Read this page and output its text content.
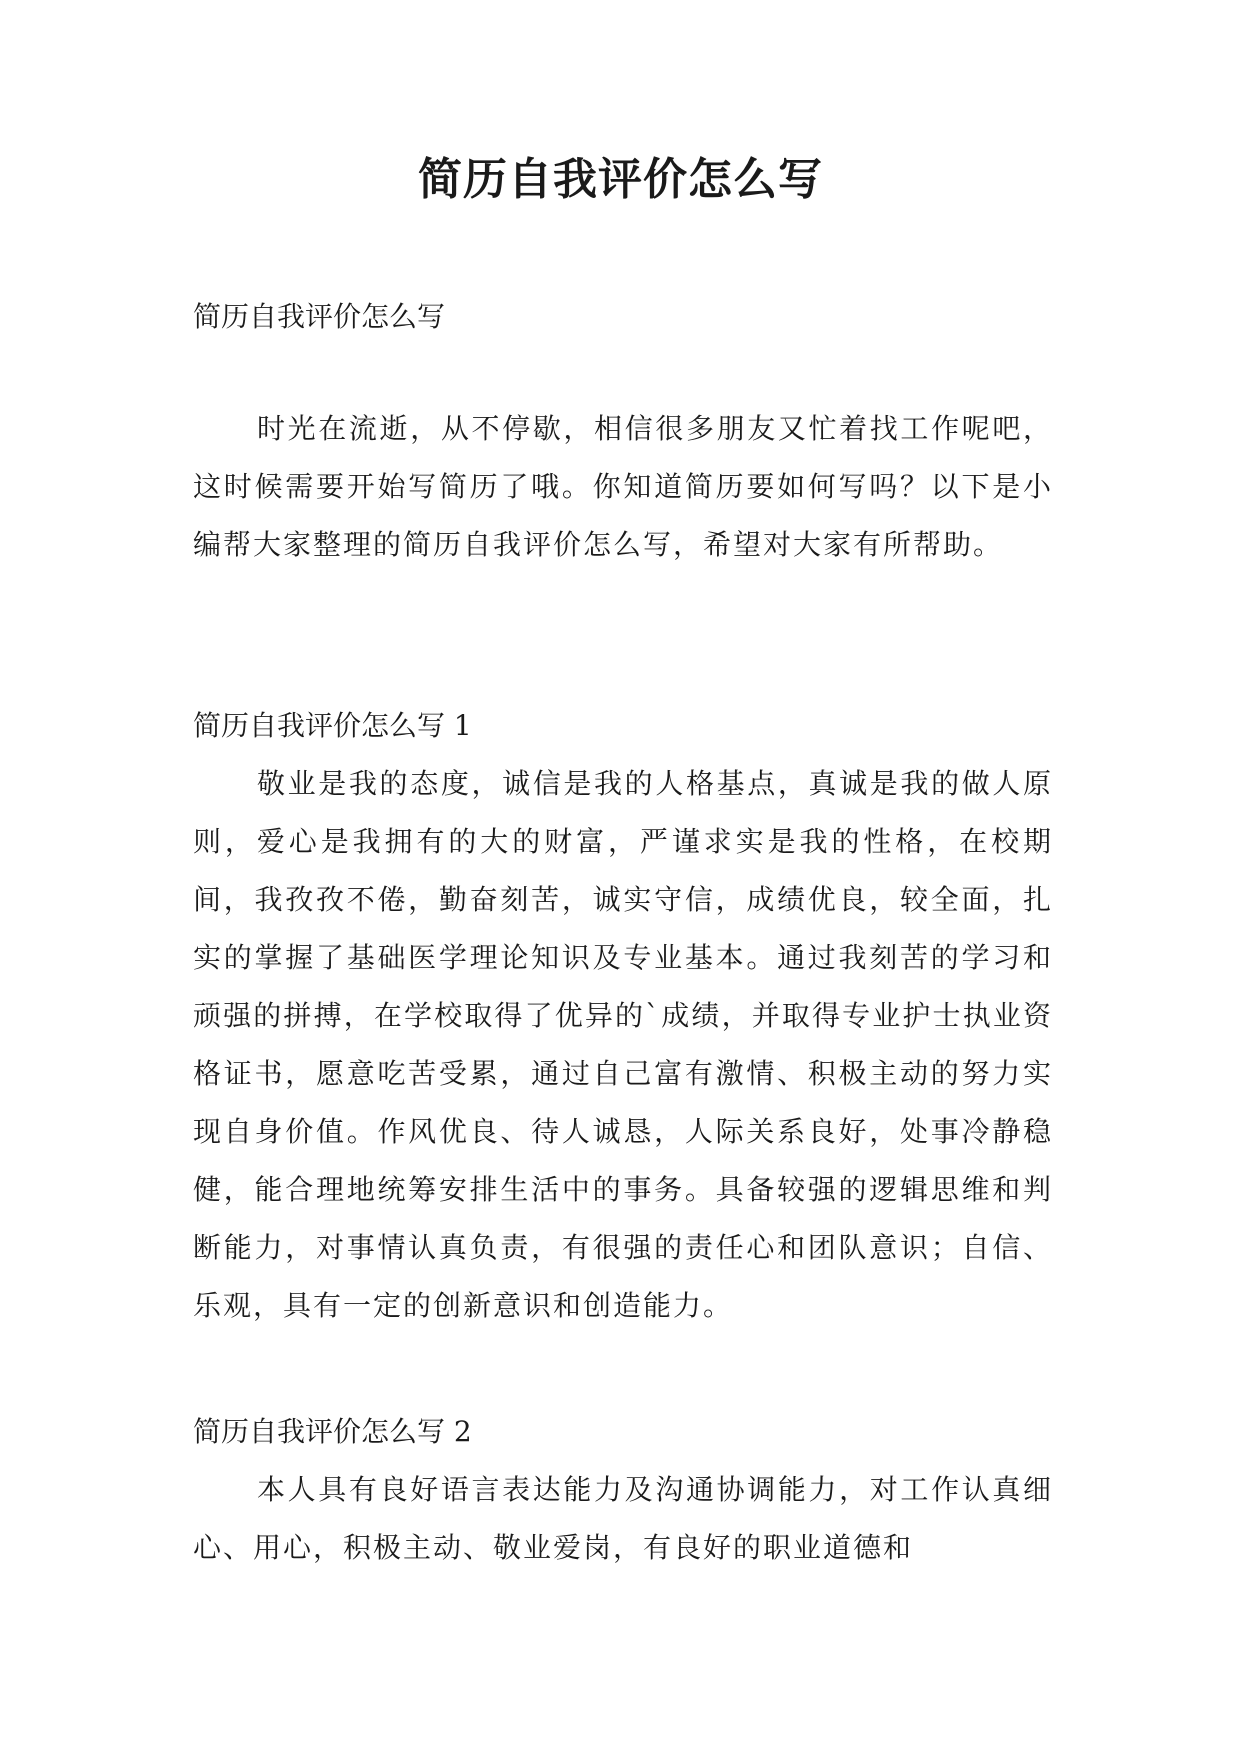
简历自我评价怎么写

简历自我评价怎么写

时光在流逝，从不停歇，相信很多朋友又忙着找工作呢吧，这时候需要开始写简历了哦。你知道简历要如何写吗？以下是小编帮大家整理的简历自我评价怎么写，希望对大家有所帮助。

简历自我评价怎么写 1

敬业是我的态度，诚信是我的人格基点，真诚是我的做人原则，爱心是我拥有的大的财富，严谨求实是我的性格，在校期间，我孜孜不倦，勤奋刻苦，诚实守信，成绩优良，较全面，扎实的掌握了基础医学理论知识及专业基本。通过我刻苦的学习和顽强的拼搏，在学校取得了优异的`成绩，并取得专业护士执业资格证书，愿意吃苦受累，通过自己富有激情、积极主动的努力实现自身价值。作风优良、待人诚恳，人际关系良好，处事冷静稳健，能合理地统筹安排生活中的事务。具备较强的逻辑思维和判断能力，对事情认真负责，有很强的责任心和团队意识；自信、乐观，具有一定的创新意识和创造能力。

简历自我评价怎么写 2

本人具有良好语言表达能力及沟通协调能力，对工作认真细心、用心，积极主动、敬业爱岗，有良好的职业道德和
